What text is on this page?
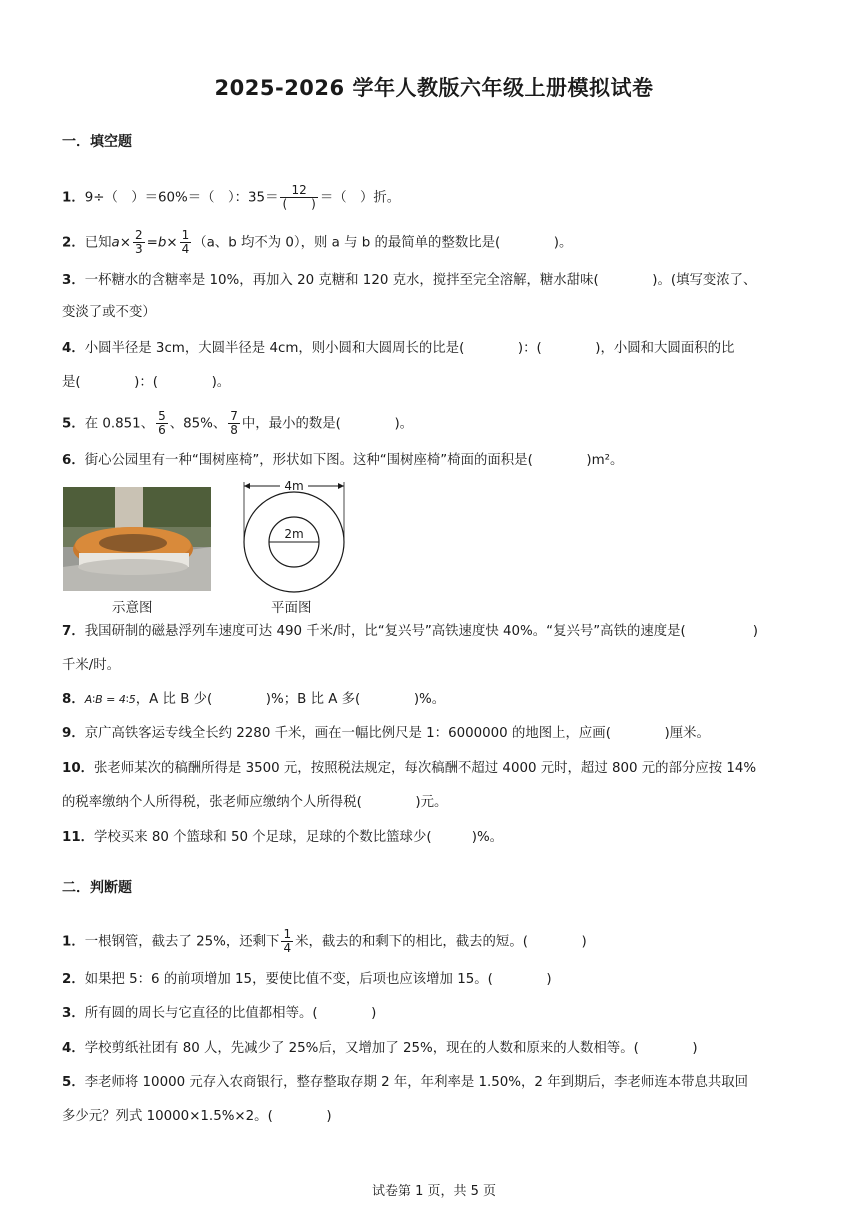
2025-2026 学年人教版六年级上册模拟试卷
一．填空题
1．9÷（　）＝60%＝（　）：$35= \frac{12}{( )}$ ＝（　）折。
2．已知$a\times \frac{2}{3} =b\times \frac{1}{4} (a$、b 均不为 0），则 a 与 b 的最简单的整数比是(　　　　)。
3．一杯糖水的含糖率是 10%，再加入 20 克糖和 120 克水，搅拌至完全溶解，糖水甜味(　　　　)。(填写变浓了、
变淡了或不变）
4．小圆半径是 3cm，大圆半径是 4cm，则小圆和大圆周长的比是(　　　　)：(　　　　)，小圆和大圆面积的比
是(　　　　)：(　　　　)。
5．在 0.851、 $\frac{5}{6}$ 、85%、 $\frac{7}{8}$ 中，最小的数是(　　　　)。
6．街心公园里有一种“围树座椅”，形状如下图。这种“围树座椅”椅面的面积是(　　　　)m²。
示意图
4m
2m
平面图
7．我国研制的磁悬浮列车速度可达 490 千米/时，比“复兴号”高铁速度快 40%。“复兴号”高铁的速度是(　　　　　)
千米/时。
8．A∶B = 4∶5，A 比 B 少(　　　　)%；B 比 A 多(　　　　)%。
9．京广高铁客运专线全长约 2280 千米，画在一幅比例尺是 1：6000000 的地图上，应画(　　　　)厘米。
10．张老师某次的稿酬所得是 3500 元，按照税法规定，每次稿酬不超过 4000 元时，超过 800 元的部分应按 14%
的税率缴纳个人所得税，张老师应缴纳个人所得税(　　　　)元。
11．学校买来 80 个篮球和 50 个足球，足球的个数比篮球少(　　　)%。
二．判断题
1．一根钢管，截去了 25%，还剩下 $\frac{1}{4}$ 米，截去的和剩下的相比，截去的短。(　　　　)
2．如果把 5：6 的前项增加 15，要使比值不变，后项也应该增加 15。(　　　　)
3．所有圆的周长与它直径的比值都相等。(　　　　)
4．学校剪纸社团有 80 人，先减少了 25%后，又增加了 25%，现在的人数和原来的人数相等。(　　　　)
5．李老师将 10000 元存入农商银行，整存整取存期 2 年，年利率是 1.50%，2 年到期后，李老师连本带息共取回
多少元？列式 10000×1.5%×2。(　　　　)
试卷第 1 页，共 5 页
